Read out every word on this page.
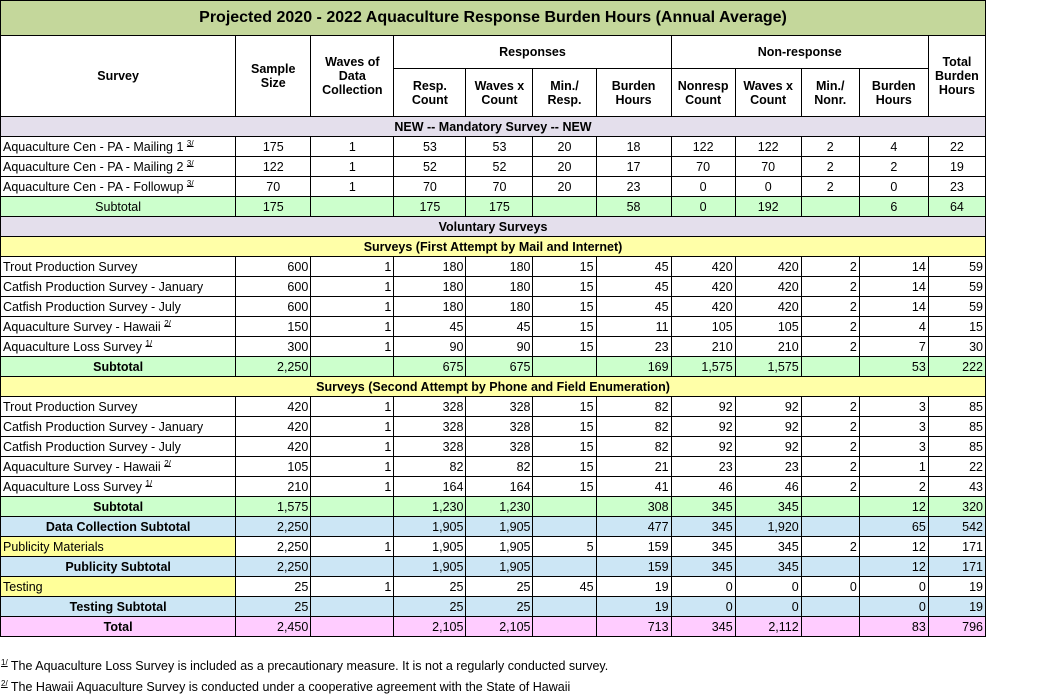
Projected 2020 - 2022 Aquaculture Response Burden Hours (Annual Average)											
Survey	Sample Size	Waves of Data Collection	Responses				Non-response				Total Burden Hours
			Resp. Count	Waves x Count	Min./ Resp.	Burden Hours	Nonresp Count	Waves x Count	Min./ Nonr.	Burden Hours	
NEW -- Mandatory Survey -- NEW											
Aquaculture Cen - PA - Mailing 1 $^{3/}$	175	1	53	53	20	18	122	122	2	4	22
Aquaculture Cen - PA - Mailing 2 $^{3/}$	122	1	52	52	20	17	70	70	2	2	19
Aquaculture Cen - PA - Followup $^{3/}$	70	1	70	70	20	23	0	0	2	0	23
Subtotal	175		175	175		58	0	192		6	64
Voluntary Surveys											
Surveys (First Attempt by Mail and Internet)											
Trout Production Survey	600	1	180	180	15	45	420	420	2	14	59
Catfish Production Survey - January	600	1	180	180	15	45	420	420	2	14	59
Catfish Production Survey - July	600	1	180	180	15	45	420	420	2	14	59
Aquaculture Survey - Hawaii $^{2/}$	150	1	45	45	15	11	105	105	2	4	15
Aquaculture Loss Survey $^{1/}$	300	1	90	90	15	23	210	210	2	7	30
Subtotal	2,250		675	675		169	1,575	1,575		53	222
Surveys (Second Attempt by Phone and Field Enumeration)											
Trout Production Survey	420	1	328	328	15	82	92	92	2	3	85
Catfish Production Survey - January	420	1	328	328	15	82	92	92	2	3	85
Catfish Production Survey - July	420	1	328	328	15	82	92	92	2	3	85
Aquaculture Survey - Hawaii $^{2/}$	105	1	82	82	15	21	23	23	2	1	22
Aquaculture Loss Survey $^{1/}$	210	1	164	164	15	41	46	46	2	2	43
Subtotal	1,575		1,230	1,230		308	345	345		12	320
Data Collection Subtotal	2,250		1,905	1,905		477	345	1,920		65	542
Publicity Materials	2,250	1	1,905	1,905	5	159	345	345	2	12	171
Publicity Subtotal	2,250		1,905	1,905		159	345	345		12	171
Testing	25	1	25	25	45	19	0	0	0	0	19
Testing Subtotal	25		25	25		19	0	0		0	19
Total	2,450		2,105	2,105		713	345	2,112		83	796
$^{1/}$ The Aquaculture Loss Survey is included as a precautionary measure. It is not a regularly conducted survey.
$^{2/}$ The Hawaii Aquaculture Survey is conducted under a cooperative agreement with the State of Hawaii
